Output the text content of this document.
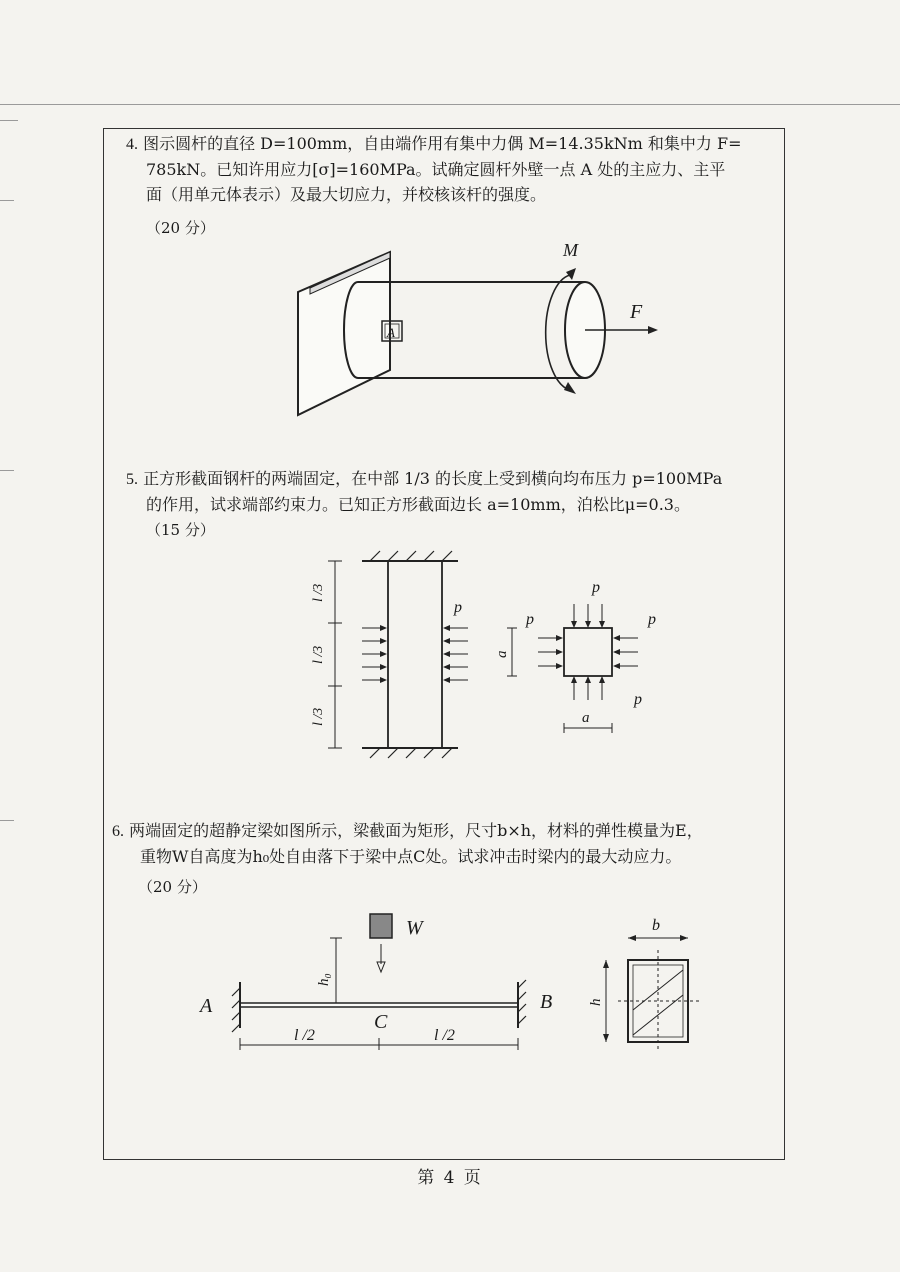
4. 图示圆杆的直径 D=100mm，自由端作用有集中力偶 M=14.35kNm 和集中力 F=

785kN。已知许用应力[σ]=160MPa。试确定圆杆外壁一点 A 处的主应力、主平

面（用单元体表示）及最大切应力，并校核该杆的强度。

（20 分）
M
F
A

5. 正方形截面钢杆的两端固定，在中部 1/3 的长度上受到横向均布压力 p=100MPa

的作用，试求端部约束力。已知正方形截面边长 a=10mm，泊松比μ=0.3。

（15 分）
l /3
l /3
l /3
p
p
p	p
p
a
a

6. 两端固定的超静定梁如图所示，梁截面为矩形，尺寸b×h，材料的弹性模量为E，

重物W自高度为h₀处自由落下于梁中点C处。试求冲击时梁内的最大动应力。

（20 分）
W
h₀
A	B
C
l /2	l /2
b
h
第 4 页
